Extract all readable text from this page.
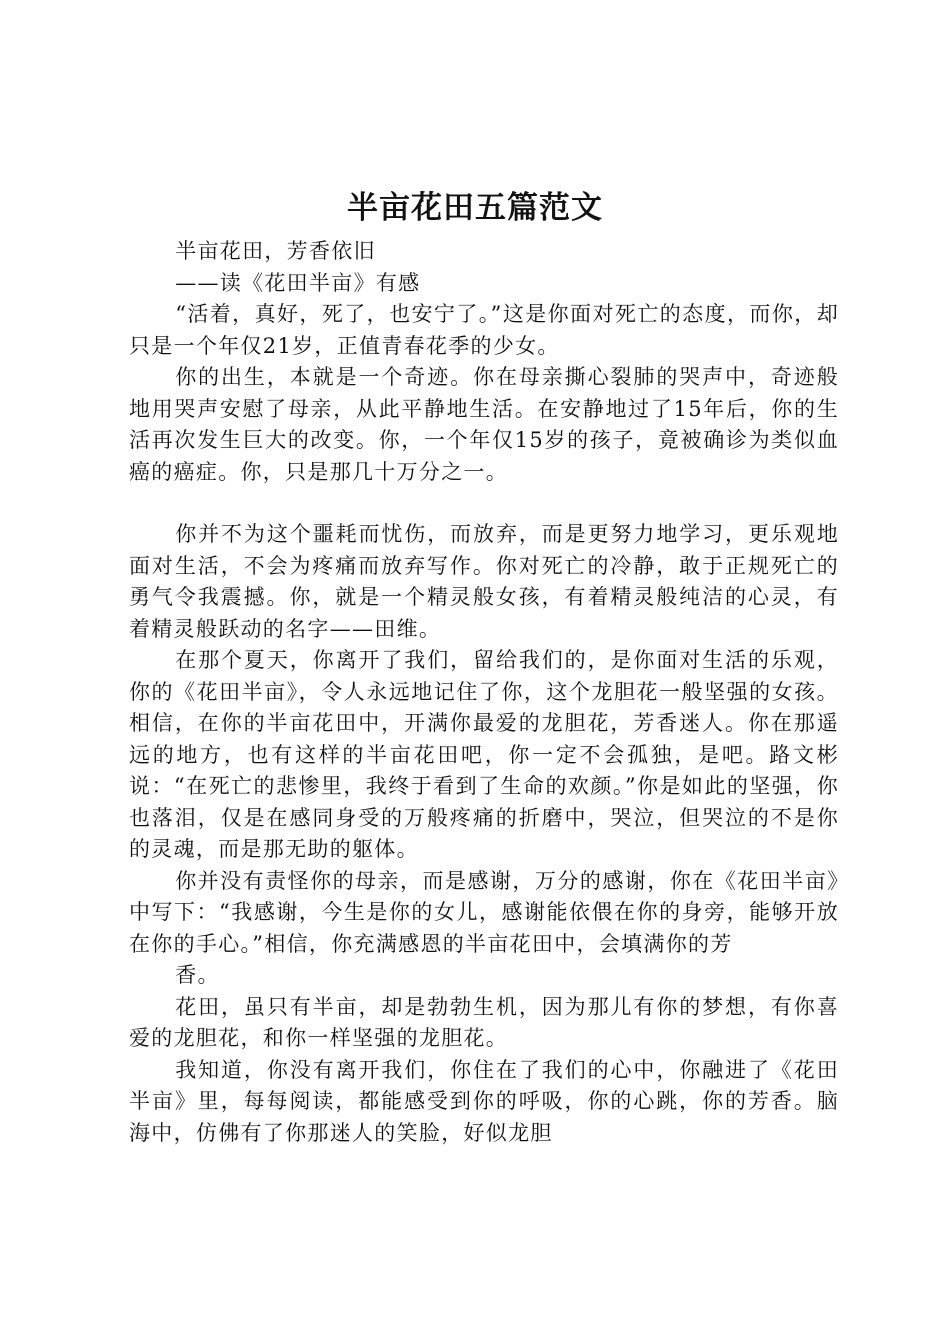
半亩花田五篇范文

半亩花田，芳香依旧

——读《花田半亩》有感

“活着，真好，死了，也安宁了。”这是你面对死亡的态度，而你，却只是一个年仅21岁，正值青春花季的少女。

你的出生，本就是一个奇迹。你在母亲撕心裂肺的哭声中，奇迹般地用哭声安慰了母亲，从此平静地生活。在安静地过了15年后，你的生活再次发生巨大的改变。你，一个年仅15岁的孩子，竟被确诊为类似血癌的癌症。你，只是那几十万分之一。

你并不为这个噩耗而忧伤，而放弃，而是更努力地学习，更乐观地面对生活，不会为疼痛而放弃写作。你对死亡的冷静，敢于正规死亡的勇气令我震撼。你，就是一个精灵般女孩，有着精灵般纯洁的心灵，有着精灵般跃动的名字——田维。

在那个夏天，你离开了我们，留给我们的，是你面对生活的乐观，你的《花田半亩》，令人永远地记住了你，这个龙胆花一般坚强的女孩。相信，在你的半亩花田中，开满你最爱的龙胆花，芳香迷人。你在那遥远的地方，也有这样的半亩花田吧，你一定不会孤独，是吧。路文彬说：“在死亡的悲惨里，我终于看到了生命的欢颜。”你是如此的坚强，你也落泪，仅是在感同身受的万般疼痛的折磨中，哭泣，但哭泣的不是你的灵魂，而是那无助的躯体。

你并没有责怪你的母亲，而是感谢，万分的感谢，你在《花田半亩》中写下：“我感谢，今生是你的女儿，感谢能依偎在你的身旁，能够开放在你的手心。”相信，你充满感恩的半亩花田中，会填满你的芳

香。

花田，虽只有半亩，却是勃勃生机，因为那儿有你的梦想，有你喜爱的龙胆花，和你一样坚强的龙胆花。

我知道，你没有离开我们，你住在了我们的心中，你融进了《花田半亩》里，每每阅读，都能感受到你的呼吸，你的心跳，你的芳香。脑海中，仿佛有了你那迷人的笑脸，好似龙胆
